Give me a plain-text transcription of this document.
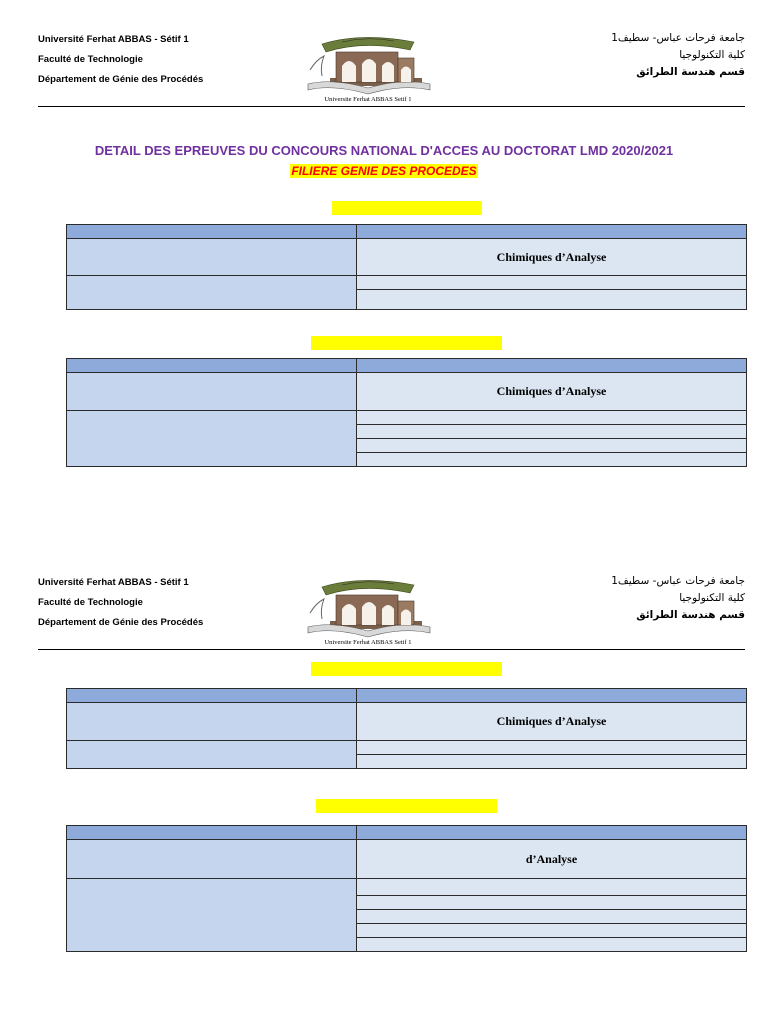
Université Ferhat ABBAS - Sétif 1
Faculté de Technologie
Département de Génie des Procédés
Universite Ferhat ABBAS Setif 1
جامعة فرحات عباس- سطيف1
كلية التكنولوجيا
قسم هندسة الطرائق
DETAIL DES EPREUVES DU CONCOURS NATIONAL D'ACCES AU DOCTORAT LMD 2020/2021
FILIERE GENIE DES PROCEDES

	Chimiques d’Analyse

	Chimiques d’Analyse

Université Ferhat ABBAS - Sétif 1
Faculté de Technologie
Département de Génie des Procédés
Universite Ferhat ABBAS Setif 1
جامعة فرحات عباس- سطيف1
كلية التكنولوجيا
قسم هندسة الطرائق

	Chimiques d’Analyse

	d’Analyse
